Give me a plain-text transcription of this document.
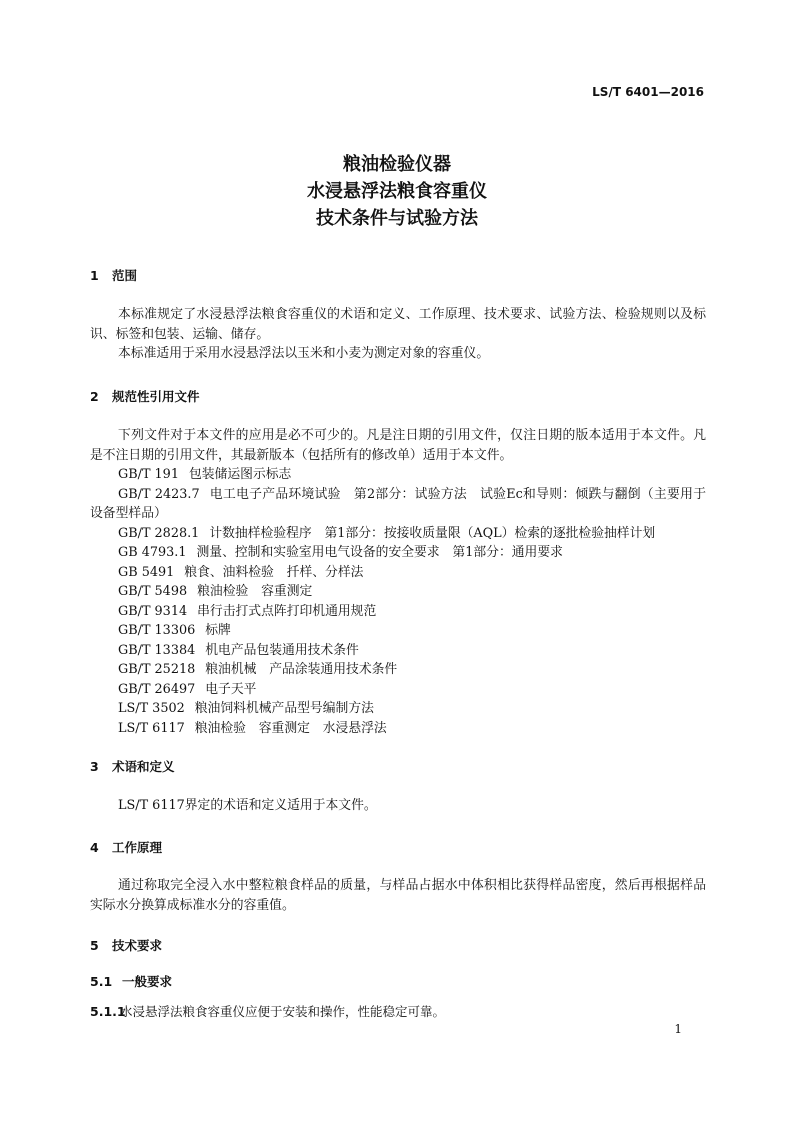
LS/T 6401—2016
粮油检验仪器
水浸悬浮法粮食容重仪
技术条件与试验方法
1 范围
本标准规定了水浸悬浮法粮食容重仪的术语和定义、工作原理、技术要求、试验方法、检验规则以及标识、标签和包装、运输、储存。
本标准适用于采用水浸悬浮法以玉米和小麦为测定对象的容重仪。
2 规范性引用文件
下列文件对于本文件的应用是必不可少的。凡是注日期的引用文件，仅注日期的版本适用于本文件。凡是不注日期的引用文件，其最新版本（包括所有的修改单）适用于本文件。
GB/T 191 包装储运图示标志
GB/T 2423.7 电工电子产品环境试验　第2部分：试验方法　试验Ec和导则：倾跌与翻倒（主要用于设备型样品）
GB/T 2828.1 计数抽样检验程序　第1部分：按接收质量限（AQL）检索的逐批检验抽样计划
GB 4793.1 测量、控制和实验室用电气设备的安全要求　第1部分：通用要求
GB 5491 粮食、油料检验　扦样、分样法
GB/T 5498 粮油检验　容重测定
GB/T 9314 串行击打式点阵打印机通用规范
GB/T 13306 标牌
GB/T 13384 机电产品包装通用技术条件
GB/T 25218 粮油机械　产品涂装通用技术条件
GB/T 26497 电子天平
LS/T 3502 粮油饲料机械产品型号编制方法
LS/T 6117 粮油检验　容重测定　水浸悬浮法
3 术语和定义
LS/T 6117界定的术语和定义适用于本文件。
4 工作原理
通过称取完全浸入水中整粒粮食样品的质量，与样品占据水中体积相比获得样品密度，然后再根据样品实际水分换算成标准水分的容重值。
5 技术要求
5.1 一般要求
5.1.1水浸悬浮法粮食容重仪应便于安装和操作，性能稳定可靠。
1
